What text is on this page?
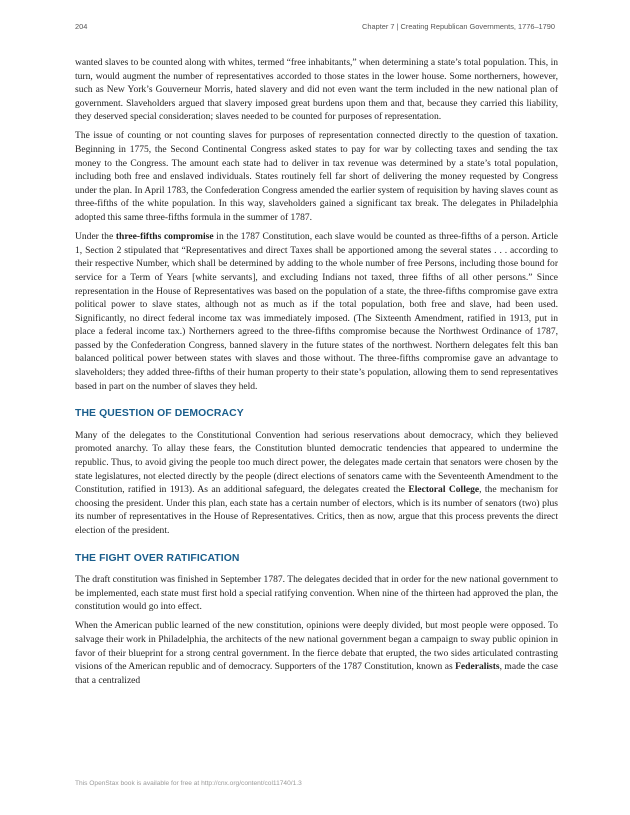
204	Chapter 7 | Creating Republican Governments, 1776–1790

wanted slaves to be counted along with whites, termed “free inhabitants,” when determining a state’s total population. This, in turn, would augment the number of representatives accorded to those states in the lower house. Some northerners, however, such as New York’s Gouverneur Morris, hated slavery and did not even want the term included in the new national plan of government. Slaveholders argued that slavery imposed great burdens upon them and that, because they carried this liability, they deserved special consideration; slaves needed to be counted for purposes of representation.

The issue of counting or not counting slaves for purposes of representation connected directly to the question of taxation. Beginning in 1775, the Second Continental Congress asked states to pay for war by collecting taxes and sending the tax money to the Congress. The amount each state had to deliver in tax revenue was determined by a state’s total population, including both free and enslaved individuals. States routinely fell far short of delivering the money requested by Congress under the plan. In April 1783, the Confederation Congress amended the earlier system of requisition by having slaves count as three-fifths of the white population. In this way, slaveholders gained a significant tax break. The delegates in Philadelphia adopted this same three-fifths formula in the summer of 1787.

Under the three-fifths compromise in the 1787 Constitution, each slave would be counted as three-fifths of a person. Article 1, Section 2 stipulated that “Representatives and direct Taxes shall be apportioned among the several states . . . according to their respective Number, which shall be determined by adding to the whole number of free Persons, including those bound for service for a Term of Years [white servants], and excluding Indians not taxed, three fifths of all other persons.” Since representation in the House of Representatives was based on the population of a state, the three-fifths compromise gave extra political power to slave states, although not as much as if the total population, both free and slave, had been used. Significantly, no direct federal income tax was immediately imposed. (The Sixteenth Amendment, ratified in 1913, put in place a federal income tax.) Northerners agreed to the three-fifths compromise because the Northwest Ordinance of 1787, passed by the Confederation Congress, banned slavery in the future states of the northwest. Northern delegates felt this ban balanced political power between states with slaves and those without. The three-fifths compromise gave an advantage to slaveholders; they added three-fifths of their human property to their state’s population, allowing them to send representatives based in part on the number of slaves they held.

THE QUESTION OF DEMOCRACY

Many of the delegates to the Constitutional Convention had serious reservations about democracy, which they believed promoted anarchy. To allay these fears, the Constitution blunted democratic tendencies that appeared to undermine the republic. Thus, to avoid giving the people too much direct power, the delegates made certain that senators were chosen by the state legislatures, not elected directly by the people (direct elections of senators came with the Seventeenth Amendment to the Constitution, ratified in 1913). As an additional safeguard, the delegates created the Electoral College, the mechanism for choosing the president. Under this plan, each state has a certain number of electors, which is its number of senators (two) plus its number of representatives in the House of Representatives. Critics, then as now, argue that this process prevents the direct election of the president.

THE FIGHT OVER RATIFICATION

The draft constitution was finished in September 1787. The delegates decided that in order for the new national government to be implemented, each state must first hold a special ratifying convention. When nine of the thirteen had approved the plan, the constitution would go into effect.

When the American public learned of the new constitution, opinions were deeply divided, but most people were opposed. To salvage their work in Philadelphia, the architects of the new national government began a campaign to sway public opinion in favor of their blueprint for a strong central government. In the fierce debate that erupted, the two sides articulated contrasting visions of the American republic and of democracy. Supporters of the 1787 Constitution, known as Federalists, made the case that a centralized

This OpenStax book is available for free at http://cnx.org/content/col11740/1.3
